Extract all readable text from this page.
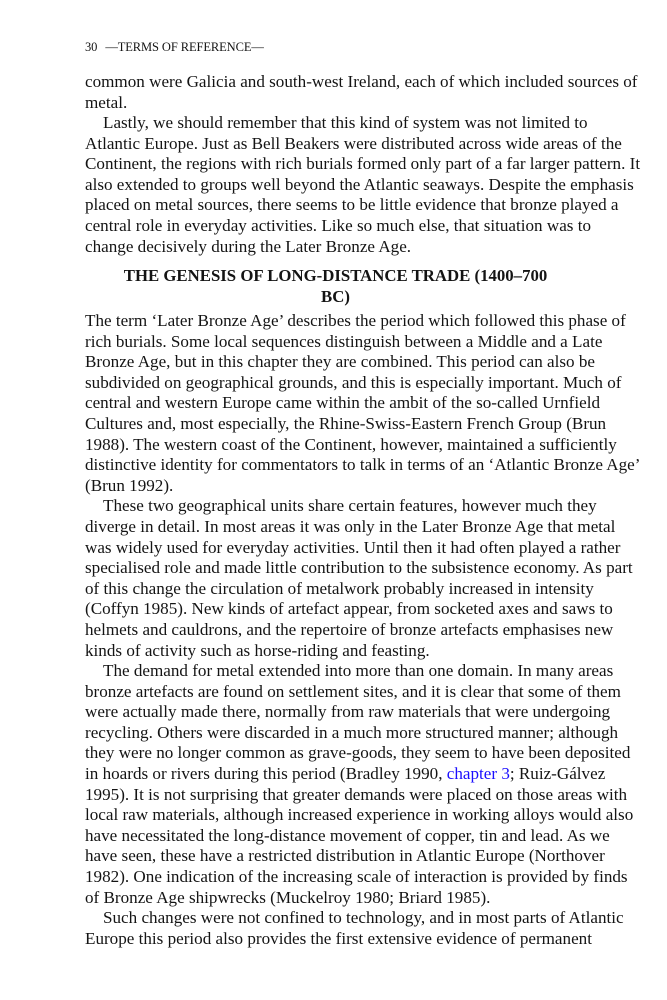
30 —TERMS OF REFERENCE—
common were Galicia and south-west Ireland, each of which included sources of
metal.
Lastly, we should remember that this kind of system was not limited to
Atlantic Europe. Just as Bell Beakers were distributed across wide areas of the
Continent, the regions with rich burials formed only part of a far larger pattern. It
also extended to groups well beyond the Atlantic seaways. Despite the emphasis
placed on metal sources, there seems to be little evidence that bronze played a
central role in everyday activities. Like so much else, that situation was to
change decisively during the Later Bronze Age.
THE GENESIS OF LONG-DISTANCE TRADE (1400–700
BC)
The term ‘Later Bronze Age’ describes the period which followed this phase of
rich burials. Some local sequences distinguish between a Middle and a Late
Bronze Age, but in this chapter they are combined. This period can also be
subdivided on geographical grounds, and this is especially important. Much of
central and western Europe came within the ambit of the so-called Urnfield
Cultures and, most especially, the Rhine-Swiss-Eastern French Group (Brun
1988). The western coast of the Continent, however, maintained a sufficiently
distinctive identity for commentators to talk in terms of an ‘Atlantic Bronze Age’
(Brun 1992).
These two geographical units share certain features, however much they
diverge in detail. In most areas it was only in the Later Bronze Age that metal
was widely used for everyday activities. Until then it had often played a rather
specialised role and made little contribution to the subsistence economy. As part
of this change the circulation of metalwork probably increased in intensity
(Coffyn 1985). New kinds of artefact appear, from socketed axes and saws to
helmets and cauldrons, and the repertoire of bronze artefacts emphasises new
kinds of activity such as horse-riding and feasting.
The demand for metal extended into more than one domain. In many areas
bronze artefacts are found on settlement sites, and it is clear that some of them
were actually made there, normally from raw materials that were undergoing
recycling. Others were discarded in a much more structured manner; although
they were no longer common as grave-goods, they seem to have been deposited
in hoards or rivers during this period (Bradley 1990, chapter 3; Ruiz-Gálvez
1995). It is not surprising that greater demands were placed on those areas with
local raw materials, although increased experience in working alloys would also
have necessitated the long-distance movement of copper, tin and lead. As we
have seen, these have a restricted distribution in Atlantic Europe (Northover
1982). One indication of the increasing scale of interaction is provided by finds
of Bronze Age shipwrecks (Muckelroy 1980; Briard 1985).
Such changes were not confined to technology, and in most parts of Atlantic
Europe this period also provides the first extensive evidence of permanent
